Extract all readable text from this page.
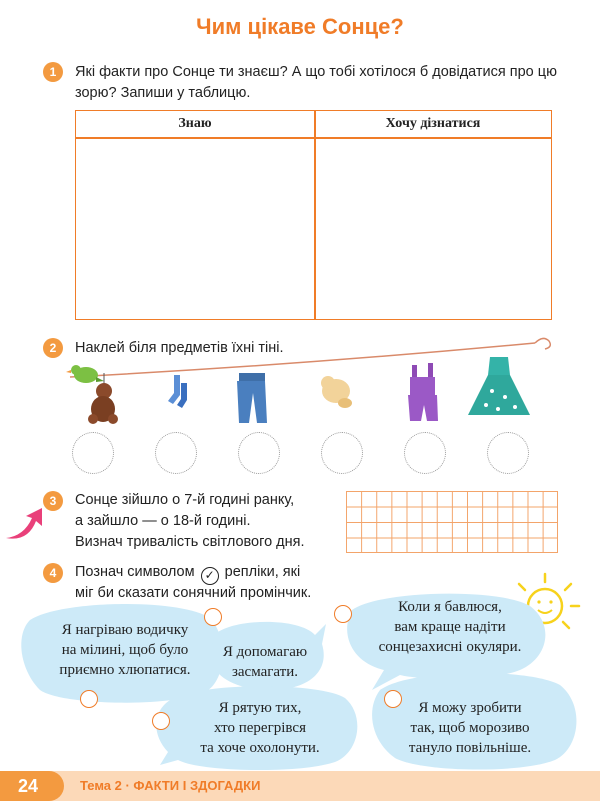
Чим цікаве Сонце?
1	Які факти про Сонце ти знаєш? А що тобі хотілося б довідатися про цю зорю? Запиши у таблицю.
Знаю	Хочу дізнатися
2	Наклей біля предметів їхні тіні.
3	Сонце зійшло о 7-й годині ранку,
а зайшло — о 18-й годині.
Визнач тривалість світлового дня.
4	Познач символом ✓ репліки, які
міг би сказати сонячний промінчик.
Я нагріваю водичку
на мілині, щоб було
приємно хлюпатися.
Я допомагаю
засмагати.
Коли я бавлюся,
вам краще надіти
сонцезахисні окуляри.
Я рятую тих,
хто перегрівся
та хоче охолонути.
Я можу зробити
так, щоб морозиво
тануло повільніше.
24	Тема 2 · ФАКТИ І ЗДОГАДКИ
